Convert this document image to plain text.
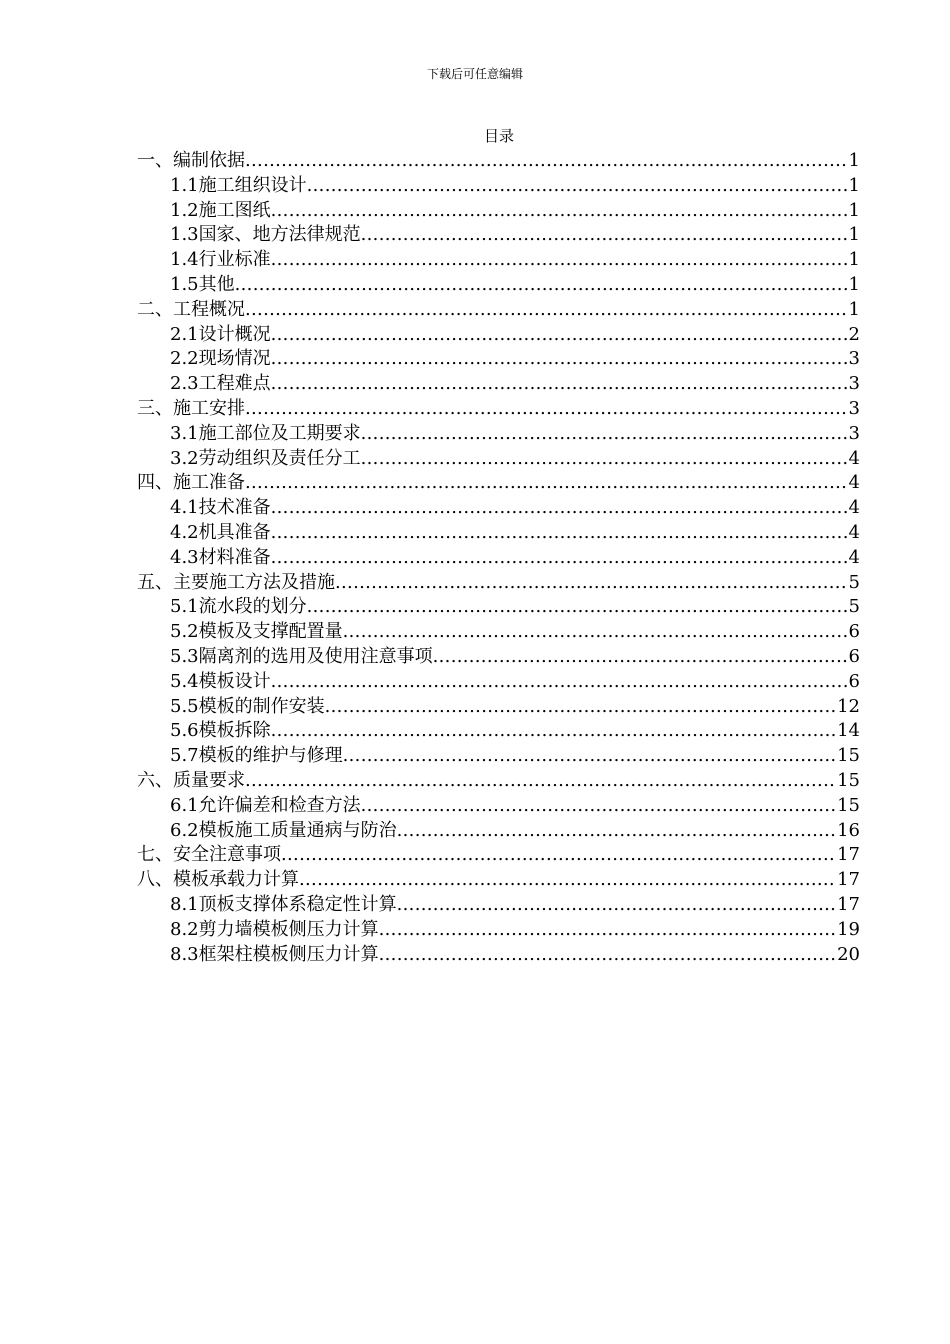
下载后可任意编辑
目录
一、编制依据 .....	1
1.1施工组织设计 .....	1
1.2施工图纸 .....	1
1.3国家、地方法律规范 .....	1
1.4行业标准 .....	1
1.5其他 .....	1
二、工程概况 .....	1
2.1设计概况 .....	2
2.2现场情况 .....	3
2.3工程难点 .....	3
三、施工安排 .....	3
3.1施工部位及工期要求 .....	3
3.2劳动组织及责任分工 .....	4
四、施工准备 .....	4
4.1技术准备 .....	4
4.2机具准备 .....	4
4.3材料准备 .....	4
五、主要施工方法及措施 .....	5
5.1流水段的划分 .....	5
5.2模板及支撑配置量 .....	6
5.3隔离剂的选用及使用注意事项 .....	6
5.4模板设计 .....	6
5.5模板的制作安装 .....	12
5.6模板拆除 .....	14
5.7模板的维护与修理 .....	15
六、质量要求 .....	15
6.1允许偏差和检查方法 .....	15
6.2模板施工质量通病与防治 .....	16
七、安全注意事项 .....	17
八、模板承载力计算 .....	17
8.1顶板支撑体系稳定性计算 .....	17
8.2剪力墙模板侧压力计算 .....	19
8.3框架柱模板侧压力计算 .....	20
